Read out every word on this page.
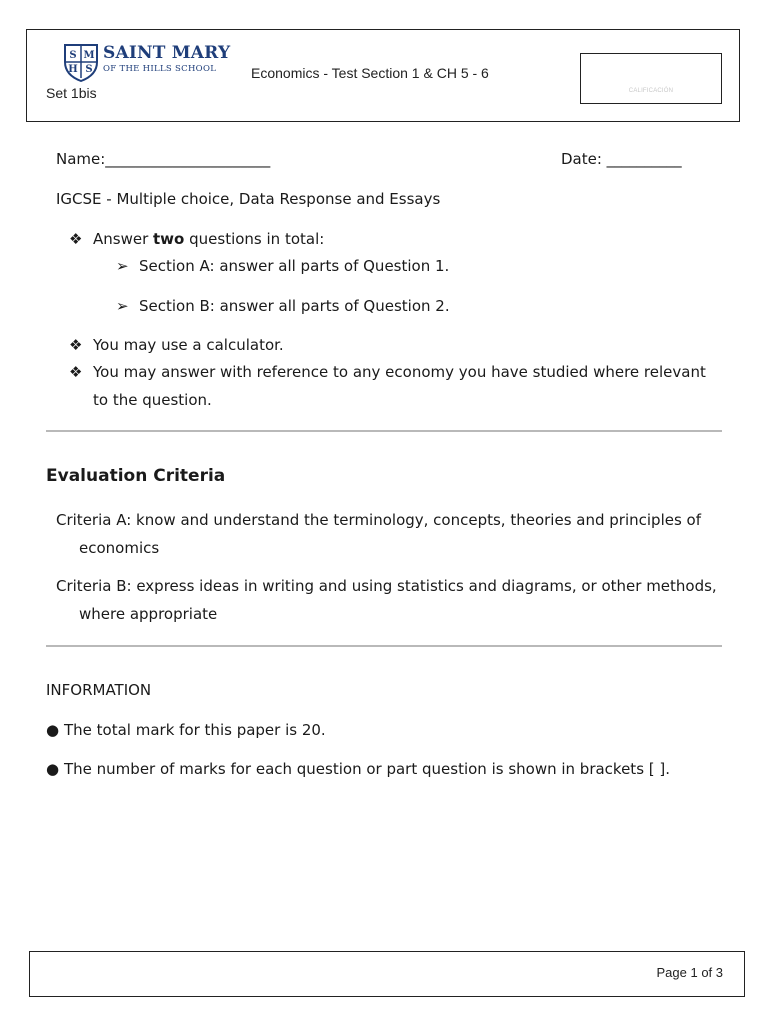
S M
H S
SAINT MARY
OF THE HILLS SCHOOL Economics - Test Section 1 & CH 5 - 6
Set 1bis	CALIFICACIÓN
Name:______________________	Date: __________
IGCSE - Multiple choice, Data Response and Essays
❖ Answer two questions in total:
➢ Section A: answer all parts of Question 1.
➢ Section B: answer all parts of Question 2.
❖ You may use a calculator.
❖ You may answer with reference to any economy you have studied where relevant
to the question.
Evaluation Criteria
Criteria A: know and understand the terminology, concepts, theories and principles of
economics
Criteria B: express ideas in writing and using statistics and diagrams, or other methods,
where appropriate
INFORMATION
● The total mark for this paper is 20.
● The number of marks for each question or part question is shown in brackets [ ].
Page 1 of 3
